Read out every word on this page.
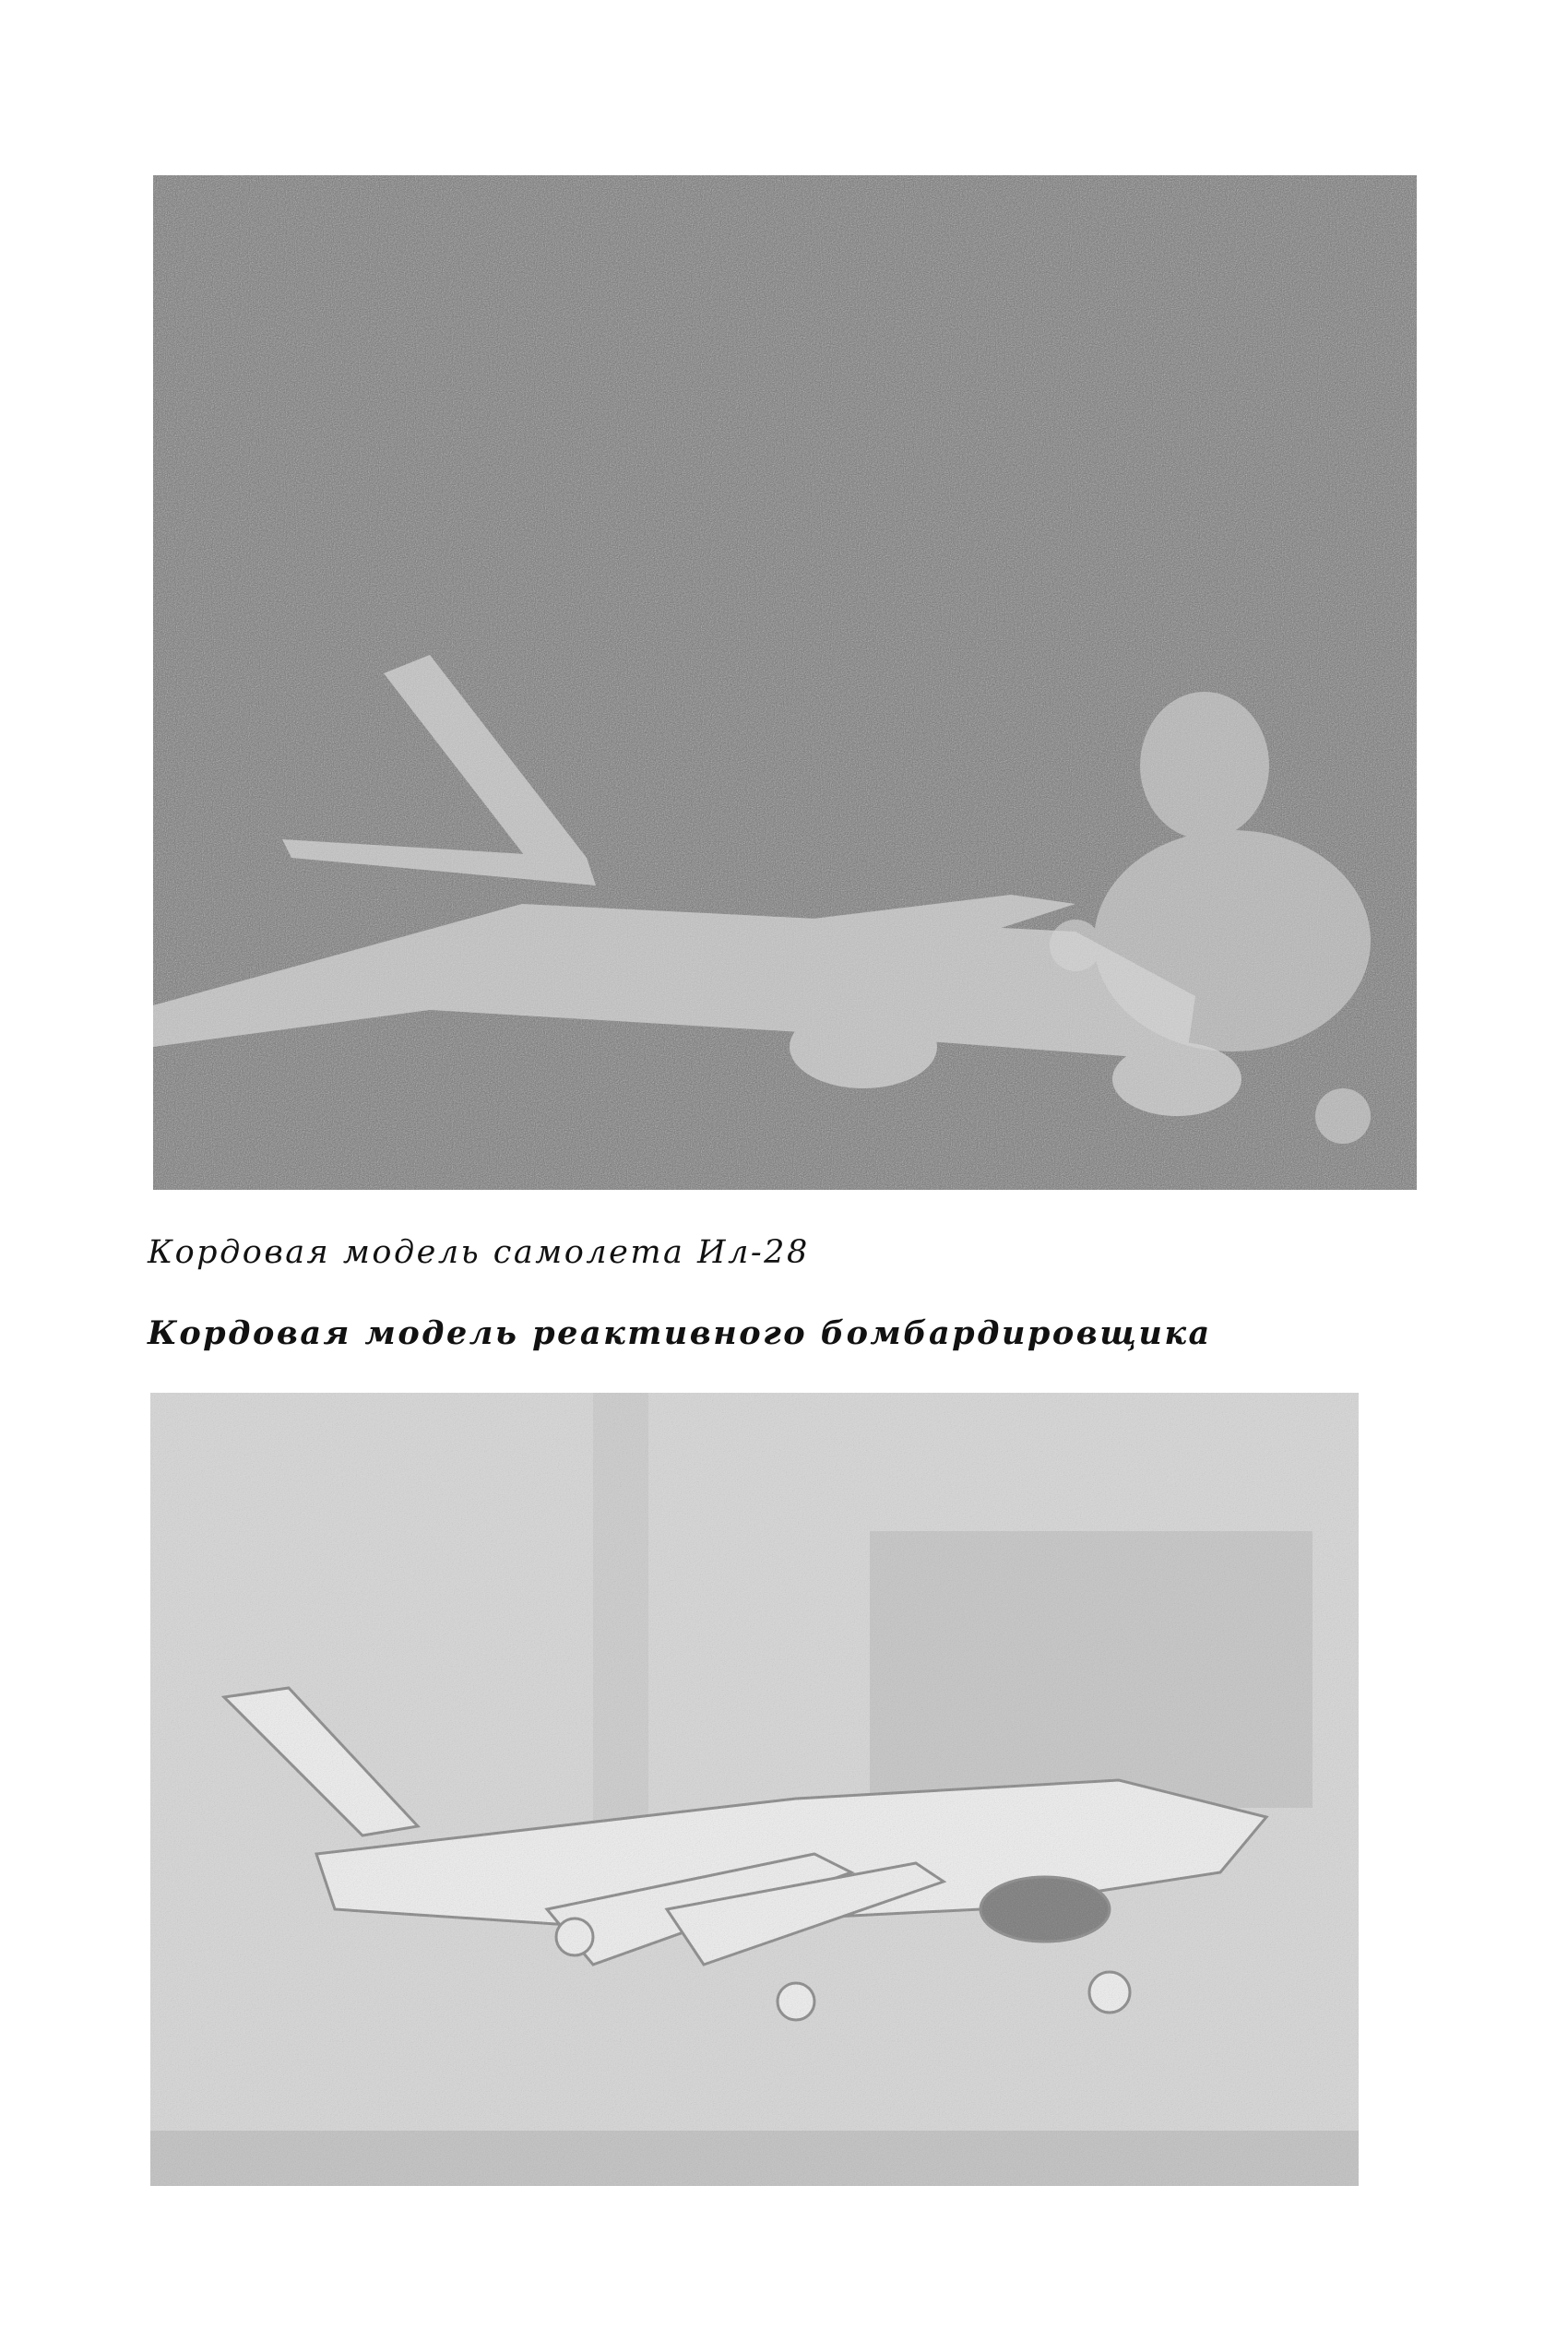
Кордовая модель самолета Ил-28
Кордовая модель реактивного бомбардировщика
